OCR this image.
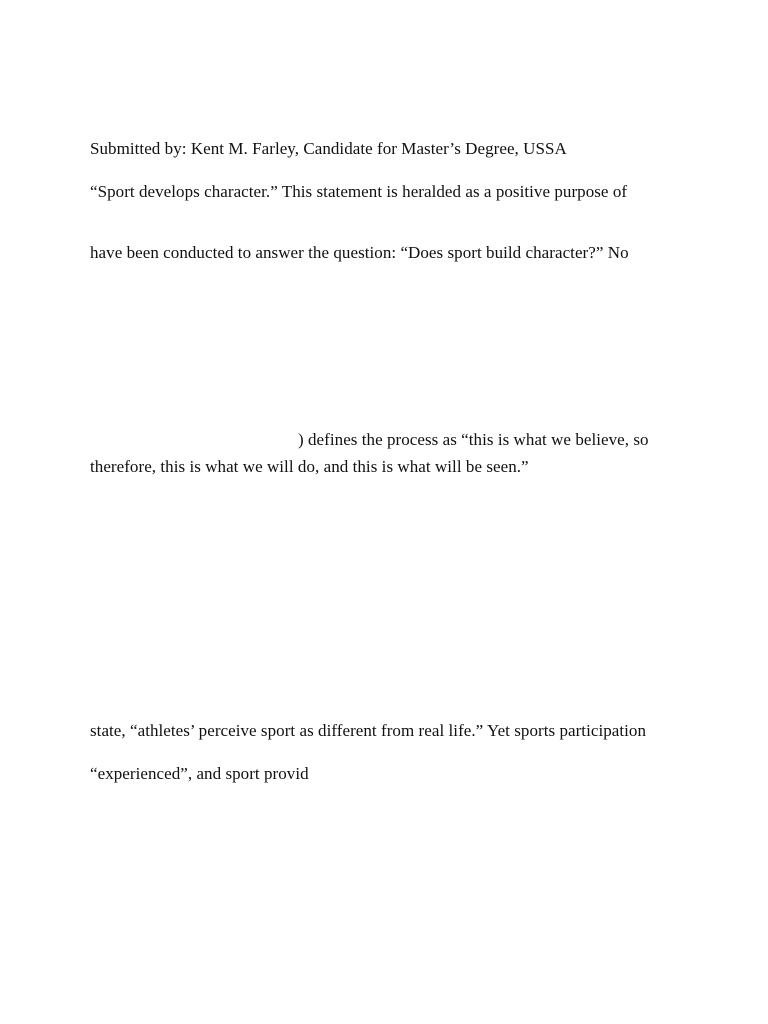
Submitted by: Kent M. Farley, Candidate for Master’s Degree, USSA
“Sport develops character.” This statement is heralded as a positive purpose of
have been conducted to answer the question: “Does sport build character?” No
) defines the process as “this is what we believe, so
therefore, this is what we will do, and this is what will be seen.”
state, “athletes’ perceive sport as different from real life.” Yet sports participation
“experienced”, and sport provid
